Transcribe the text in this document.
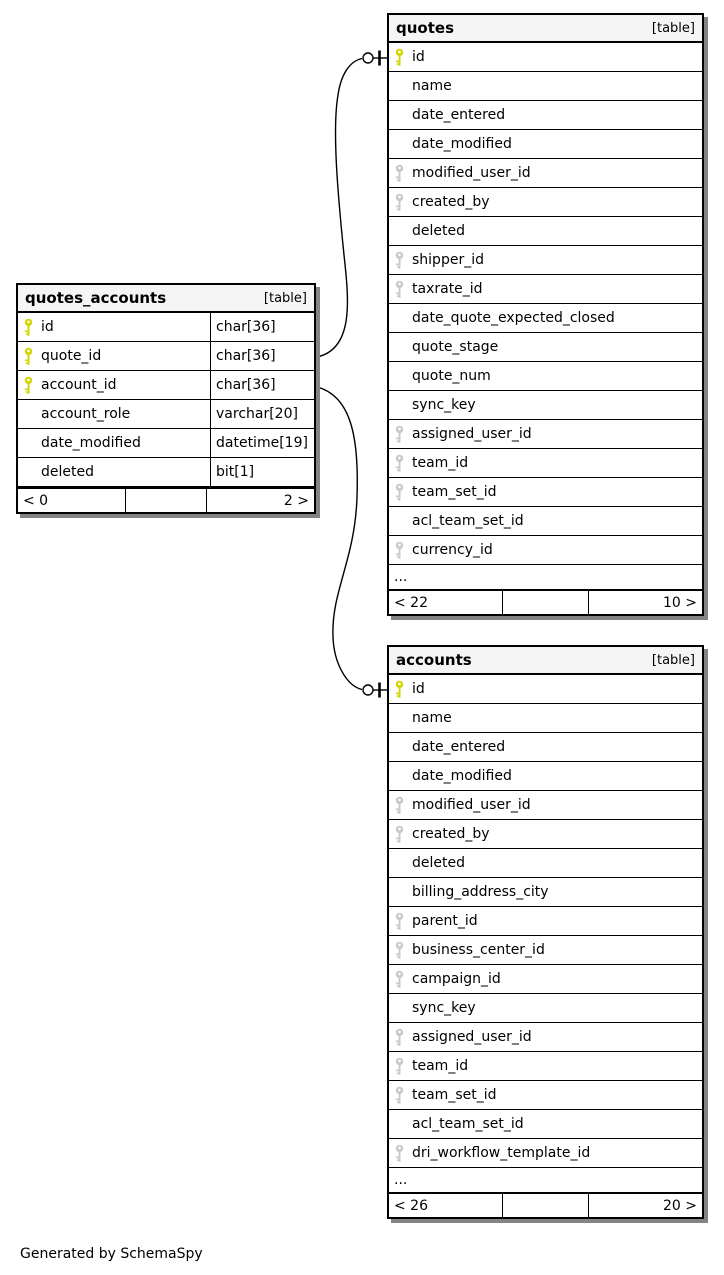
quotes_accounts	[table]
id	char[36]
quote_id	char[36]
account_id	char[36]
account_role	varchar[20]
date_modified	datetime[19]
deleted	bit[1]
< 0	2 >
quotes	[table]
id
name
date_entered
date_modified
modified_user_id
created_by
deleted
shipper_id
taxrate_id
date_quote_expected_closed
quote_stage
quote_num
sync_key
assigned_user_id
team_id
team_set_id
acl_team_set_id
currency_id
...
< 22	10 >
accounts	[table]
id
name
date_entered
date_modified
modified_user_id
created_by
deleted
billing_address_city
parent_id
business_center_id
campaign_id
sync_key
assigned_user_id
team_id
team_set_id
acl_team_set_id
dri_workflow_template_id
...
< 26	20 >
Generated by SchemaSpy
